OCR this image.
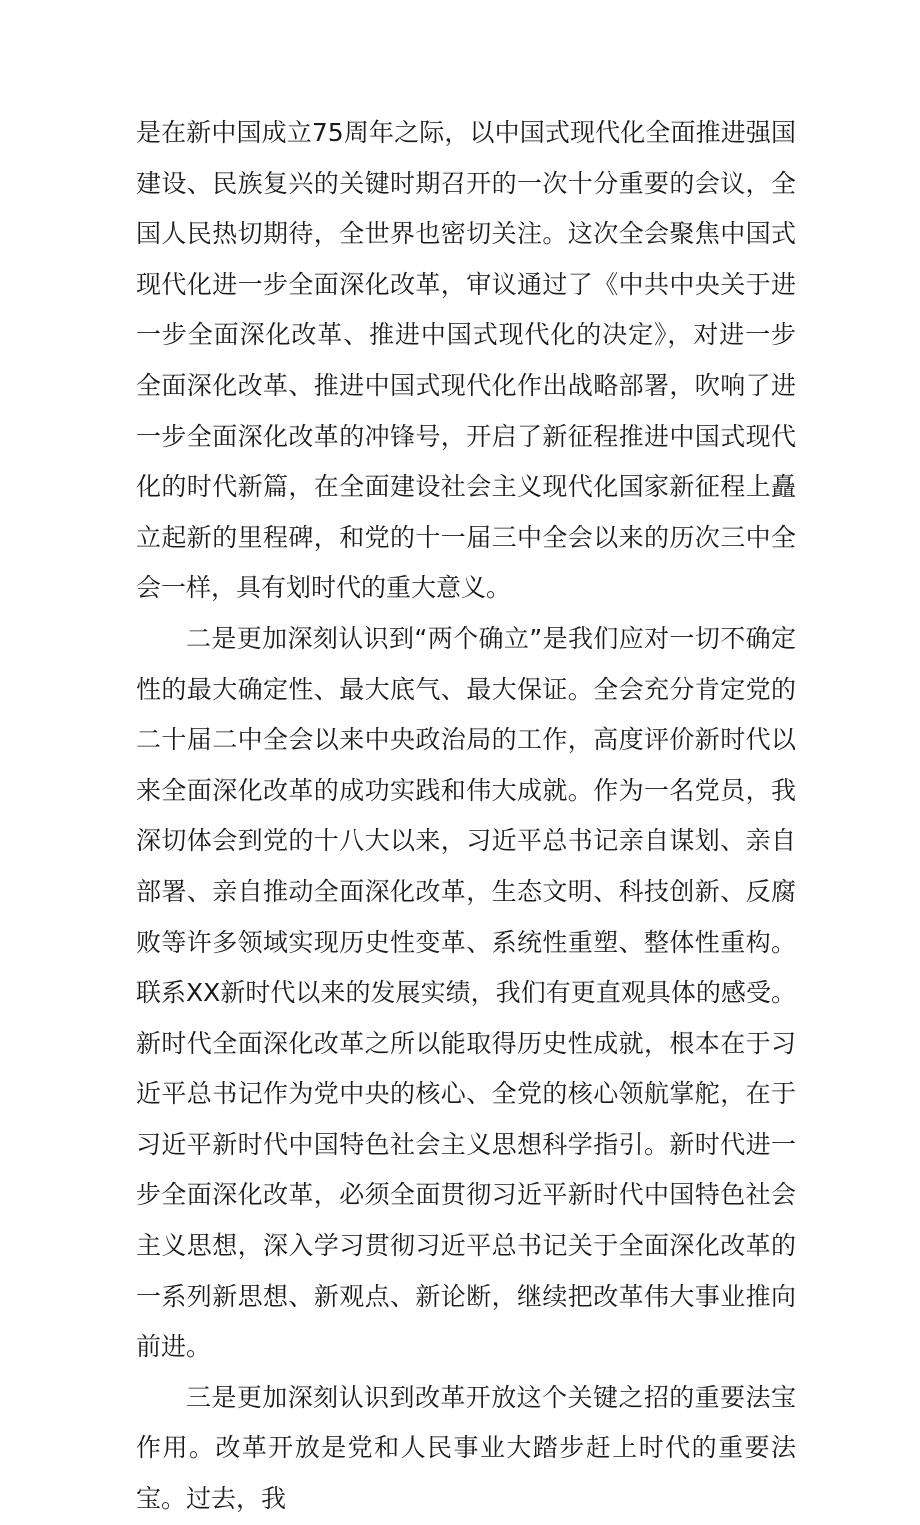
是在新中国成立75周年之际，以中国式现代化全面推进强国建设、民族复兴的关键时期召开的一次十分重要的会议，全国人民热切期待，全世界也密切关注。这次全会聚焦中国式现代化进一步全面深化改革，审议通过了《中共中央关于进一步全面深化改革、推进中国式现代化的决定》，对进一步全面深化改革、推进中国式现代化作出战略部署，吹响了进一步全面深化改革的冲锋号，开启了新征程推进中国式现代化的时代新篇，在全面建设社会主义现代化国家新征程上矗立起新的里程碑，和党的十一届三中全会以来的历次三中全会一样，具有划时代的重大意义。

二是更加深刻认识到“两个确立”是我们应对一切不确定性的最大确定性、最大底气、最大保证。全会充分肯定党的二十届二中全会以来中央政治局的工作，高度评价新时代以来全面深化改革的成功实践和伟大成就。作为一名党员，我深切体会到党的十八大以来，习近平总书记亲自谋划、亲自部署、亲自推动全面深化改革，生态文明、科技创新、反腐败等许多领域实现历史性变革、系统性重塑、整体性重构。联系XX新时代以来的发展实绩，我们有更直观具体的感受。新时代全面深化改革之所以能取得历史性成就，根本在于习近平总书记作为党中央的核心、全党的核心领航掌舵，在于习近平新时代中国特色社会主义思想科学指引。新时代进一步全面深化改革，必须全面贯彻习近平新时代中国特色社会主义思想，深入学习贯彻习近平总书记关于全面深化改革的一系列新思想、新观点、新论断，继续把改革伟大事业推向前进。

三是更加深刻认识到改革开放这个关键之招的重要法宝作用。改革开放是党和人民事业大踏步赶上时代的重要法宝。过去，我
